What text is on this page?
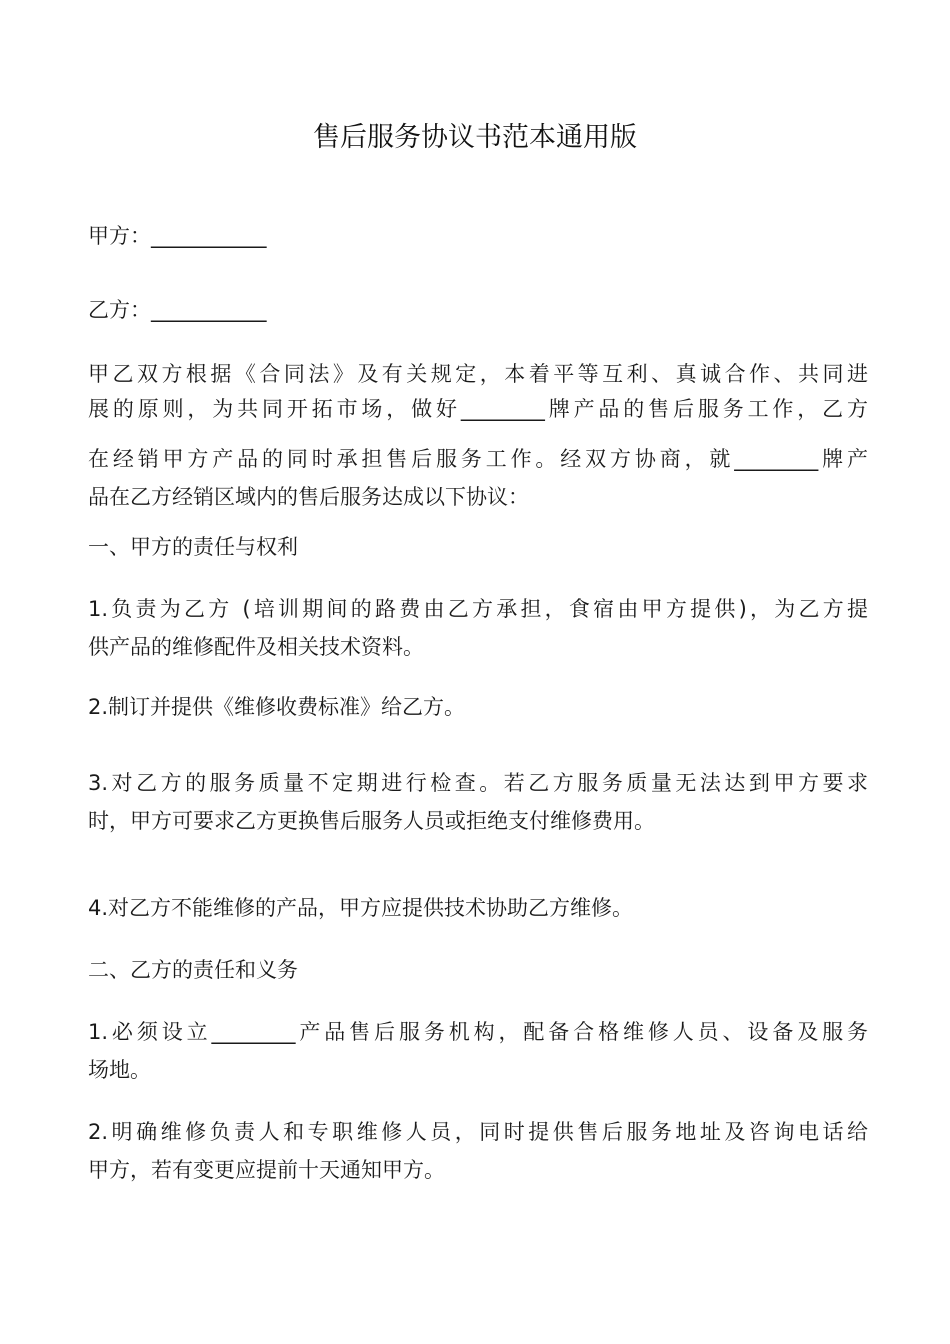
售后服务协议书范本通用版
甲方：___________
乙方：___________
甲乙双方根据《合同法》及有关规定，本着平等互利、真诚合作、共同进
展的原则，为共同开拓市场，做好________牌产品的售后服务工作，乙方
在经销甲方产品的同时承担售后服务工作。经双方协商，就________牌产
品在乙方经销区域内的售后服务达成以下协议：
一、甲方的责任与权利
1.负责为乙方 (培训期间的路费由乙方承担，食宿由甲方提供)，为乙方提
供产品的维修配件及相关技术资料。
2.制订并提供《维修收费标准》给乙方。
3.对乙方的服务质量不定期进行检查。若乙方服务质量无法达到甲方要求
时，甲方可要求乙方更换售后服务人员或拒绝支付维修费用。
4.对乙方不能维修的产品，甲方应提供技术协助乙方维修。
二、乙方的责任和义务
1.必须设立________产品售后服务机构，配备合格维修人员、设备及服务
场地。
2.明确维修负责人和专职维修人员，同时提供售后服务地址及咨询电话给
甲方，若有变更应提前十天通知甲方。
